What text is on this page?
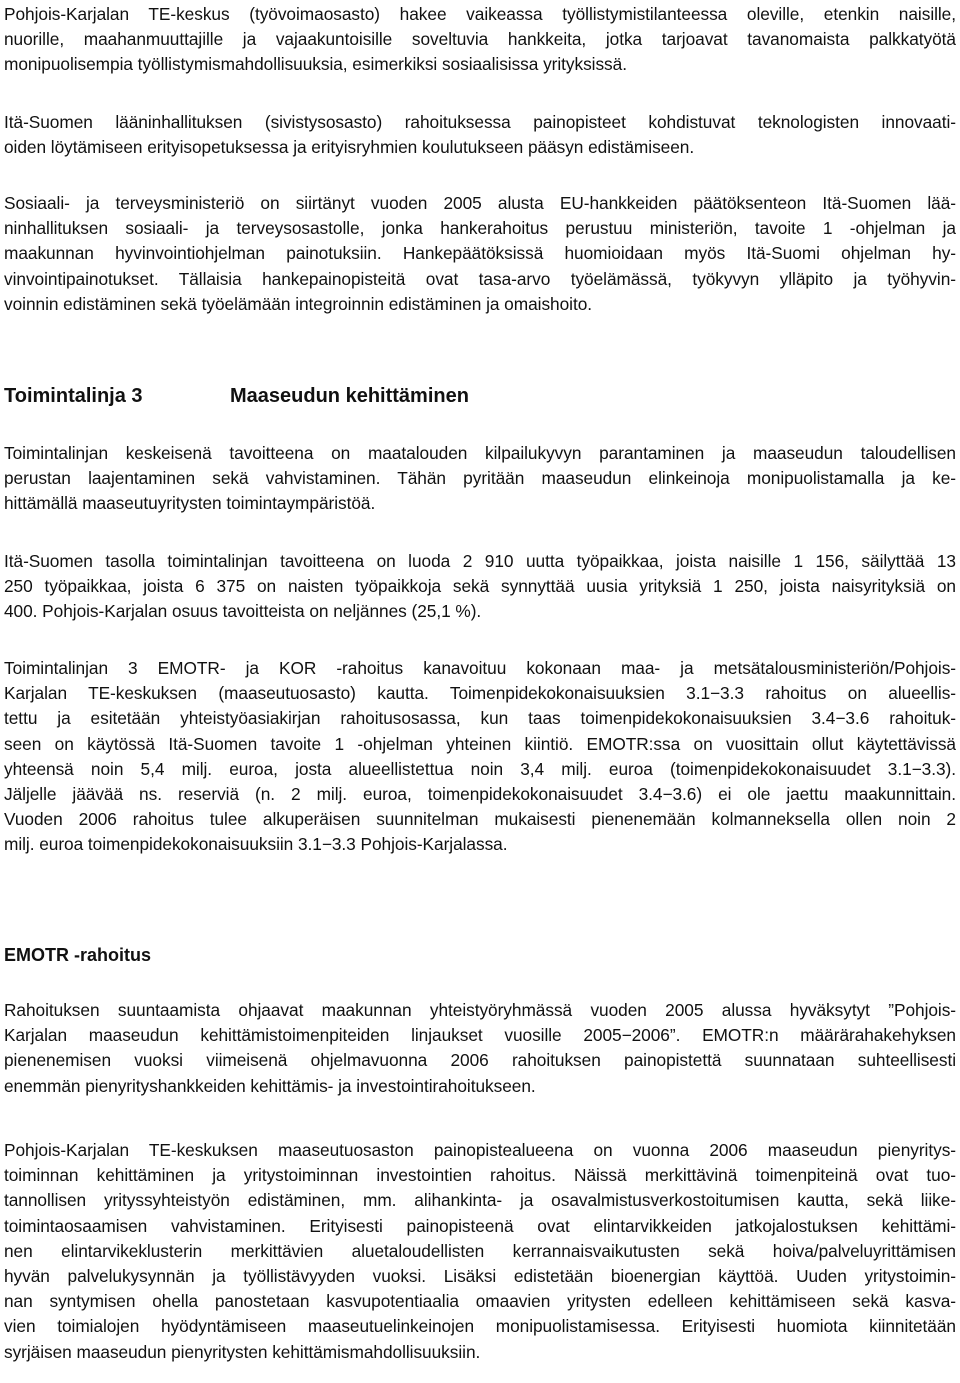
Pohjois-Karjalan TE-keskus (työvoimaosasto) hakee vaikeassa työllistymistilanteessa oleville, etenkin naisille,
nuorille, maahanmuuttajille ja vajaakuntoisille soveltuvia hankkeita, jotka tarjoavat tavanomaista palkkatyötä
monipuolisempia työllistymismahdollisuuksia, esimerkiksi sosiaalisissa yrityksissä.
Itä-Suomen lääninhallituksen (sivistysosasto) rahoituksessa painopisteet kohdistuvat teknologisten innovaati-
oiden löytämiseen erityisopetuksessa ja erityisryhmien koulutukseen pääsyn edistämiseen.
Sosiaali- ja terveysministeriö on siirtänyt vuoden 2005 alusta EU-hankkeiden päätöksenteon Itä-Suomen lää-
ninhallituksen sosiaali- ja terveysosastolle, jonka hankerahoitus perustuu ministeriön, tavoite 1 -ohjelman ja
maakunnan hyvinvointiohjelman painotuksiin. Hankepäätöksissä huomioidaan myös Itä-Suomi ohjelman hy-
vinvointipainotukset. Tällaisia hankepainopisteitä ovat tasa-arvo työelämässä, työkyvyn ylläpito ja työhyvin-
voinnin edistäminen sekä työelämään integroinnin edistäminen ja omaishoito.
Toimintalinja 3	Maaseudun kehittäminen
Toimintalinjan keskeisenä tavoitteena on maatalouden kilpailukyvyn parantaminen ja maaseudun taloudellisen
perustan laajentaminen sekä vahvistaminen. Tähän pyritään maaseudun elinkeinoja monipuolistamalla ja ke-
hittämällä maaseutuyritysten toimintaympäristöä.
Itä-Suomen tasolla toimintalinjan tavoitteena on luoda 2 910 uutta työpaikkaa, joista naisille 1 156, säilyttää 13
250 työpaikkaa, joista 6 375 on naisten työpaikkoja sekä synnyttää uusia yrityksiä 1 250, joista naisyrityksiä on
400. Pohjois-Karjalan osuus tavoitteista on neljännes (25,1 %).
Toimintalinjan 3 EMOTR- ja KOR -rahoitus kanavoituu kokonaan maa- ja metsätalousministeriön/Pohjois-
Karjalan TE-keskuksen (maaseutuosasto) kautta. Toimenpidekokonaisuuksien 3.1−3.3 rahoitus on alueellis-
tettu ja esitetään yhteistyöasiakirjan rahoitusosassa, kun taas toimenpidekokonaisuuksien 3.4−3.6 rahoituk-
seen on käytössä Itä-Suomen tavoite 1 -ohjelman yhteinen kiintiö. EMOTR:ssa on vuosittain ollut käytettävissä
yhteensä noin 5,4 milj. euroa, josta alueellistettua noin 3,4 milj. euroa (toimenpidekokonaisuudet 3.1−3.3).
Jäljelle jäävää ns. reserviä (n. 2 milj. euroa, toimenpidekokonaisuudet 3.4−3.6) ei ole jaettu maakunnittain.
Vuoden 2006 rahoitus tulee alkuperäisen suunnitelman mukaisesti pienenemään kolmanneksella ollen noin 2
milj. euroa toimenpidekokonaisuuksiin 3.1−3.3 Pohjois-Karjalassa.
EMOTR -rahoitus
Rahoituksen suuntaamista ohjaavat maakunnan yhteistyöryhmässä vuoden 2005 alussa hyväksytyt ”Pohjois-
Karjalan maaseudun kehittämistoimenpiteiden linjaukset vuosille 2005−2006”. EMOTR:n määrärahakehyksen
pienenemisen vuoksi viimeisenä ohjelmavuonna 2006 rahoituksen painopistettä suunnataan suhteellisesti
enemmän pienyrityshankkeiden kehittämis- ja investointirahoitukseen.
Pohjois-Karjalan TE-keskuksen maaseutuosaston painopistealueena on vuonna 2006 maaseudun pienyritys-
toiminnan kehittäminen ja yritystoiminnan investointien rahoitus. Näissä merkittävinä toimenpiteinä ovat tuo-
tannollisen yrityssyhteistyön edistäminen, mm. alihankinta- ja osavalmistusverkostoitumisen kautta, sekä liike-
toimintaosaamisen vahvistaminen. Erityisesti painopisteenä ovat elintarvikkeiden jatkojalostuksen kehittämi-
nen elintarvikeklusterin merkittävien aluetaloudellisten kerrannaisvaikutusten sekä hoiva/palveluyrittämisen
hyvän palvelukysynnän ja työllistävyyden vuoksi. Lisäksi edistetään bioenergian käyttöä. Uuden yritystoimin-
nan syntymisen ohella panostetaan kasvupotentiaalia omaavien yritysten edelleen kehittämiseen sekä kasva-
vien toimialojen hyödyntämiseen maaseutuelinkeinojen monipuolistamisessa. Erityisesti huomiota kiinnitetään
syrjäisen maaseudun pienyritysten kehittämismahdollisuuksiin.
